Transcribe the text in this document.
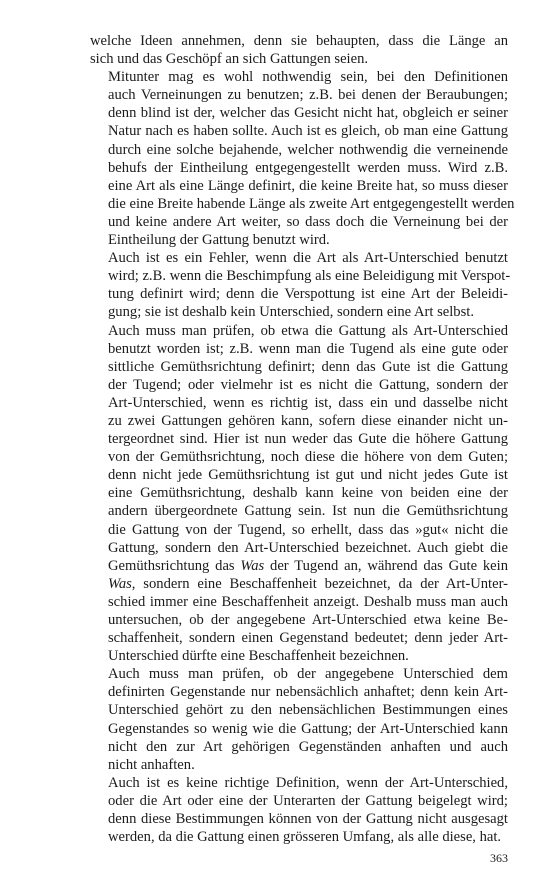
welche Ideen annehmen, denn sie behaupten, dass die Länge an
sich und das Geschöpf an sich Gattungen seien.

Mitunter mag es wohl nothwendig sein, bei den Definitionen
auch Verneinungen zu benutzen; z.B. bei denen der Beraubungen;
denn blind ist der, welcher das Gesicht nicht hat, obgleich er seiner
Natur nach es haben sollte. Auch ist es gleich, ob man eine Gattung
durch eine solche bejahende, welcher nothwendig die verneinende
behufs der Eintheilung entgegengestellt werden muss. Wird z.B.
eine Art als eine Länge definirt, die keine Breite hat, so muss dieser
die eine Breite habende Länge als zweite Art entgegengestellt werden
und keine andere Art weiter, so dass doch die Verneinung bei der
Eintheilung der Gattung benutzt wird.

Auch ist es ein Fehler, wenn die Art als Art-Unterschied benutzt
wird; z.B. wenn die Beschimpfung als eine Beleidigung mit Verspot-
tung definirt wird; denn die Verspottung ist eine Art der Beleidi-
gung; sie ist deshalb kein Unterschied, sondern eine Art selbst.

Auch muss man prüfen, ob etwa die Gattung als Art-Unterschied
benutzt worden ist; z.B. wenn man die Tugend als eine gute oder
sittliche Gemüthsrichtung definirt; denn das Gute ist die Gattung
der Tugend; oder vielmehr ist es nicht die Gattung, sondern der
Art-Unterschied, wenn es richtig ist, dass ein und dasselbe nicht
zu zwei Gattungen gehören kann, sofern diese einander nicht un-
tergeordnet sind. Hier ist nun weder das Gute die höhere Gattung
von der Gemüthsrichtung, noch diese die höhere von dem Guten;
denn nicht jede Gemüthsrichtung ist gut und nicht jedes Gute ist
eine Gemüthsrichtung, deshalb kann keine von beiden eine der
andern übergeordnete Gattung sein. Ist nun die Gemüthsrichtung
die Gattung von der Tugend, so erhellt, dass das »gut« nicht die
Gattung, sondern den Art-Unterschied bezeichnet. Auch giebt die
Gemüthsrichtung das Was der Tugend an, während das Gute kein
Was, sondern eine Beschaffenheit bezeichnet, da der Art-Unter-
schied immer eine Beschaffenheit anzeigt. Deshalb muss man auch
untersuchen, ob der angegebene Art-Unterschied etwa keine Be-
schaffenheit, sondern einen Gegenstand bedeutet; denn jeder Art-
Unterschied dürfte eine Beschaffenheit bezeichnen.

Auch muss man prüfen, ob der angegebene Unterschied dem
definirten Gegenstande nur nebensächlich anhaftet; denn kein Art-
Unterschied gehört zu den nebensächlichen Bestimmungen eines
Gegenstandes so wenig wie die Gattung; der Art-Unterschied kann
nicht den zur Art gehörigen Gegenständen anhaften und auch
nicht anhaften.

Auch ist es keine richtige Definition, wenn der Art-Unterschied,
oder die Art oder eine der Unterarten der Gattung beigelegt wird;
denn diese Bestimmungen können von der Gattung nicht ausgesagt
werden, da die Gattung einen grösseren Umfang, als alle diese, hat.

363
